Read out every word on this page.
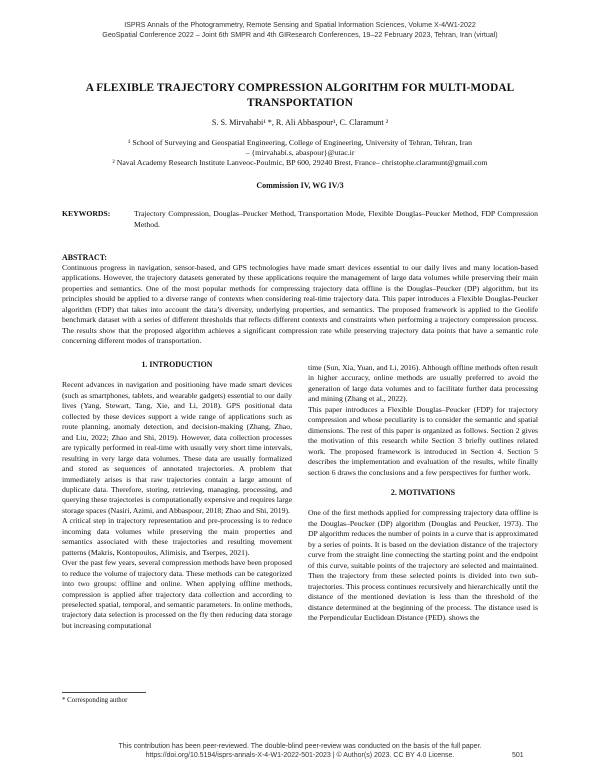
ISPRS Annals of the Photogrammetry, Remote Sensing and Spatial Information Sciences, Volume X-4/W1-2022
GeoSpatial Conference 2022 – Joint 6th SMPR and 4th GIResearch Conferences, 19–22 February 2023, Tehran, Iran (virtual)
A FLEXIBLE TRAJECTORY COMPRESSION ALGORITHM FOR MULTI-MODAL
TRANSPORTATION
S. S. Mirvahabi¹ *, R. Ali Abbaspour¹, C. Claramunt ²
¹ School of Surveying and Geospatial Engineering, College of Engineering, University of Tehran, Tehran, Iran
– {mirvahabi.s, abaspour}@utac.ir
² Naval Academy Research Institute Lanveoc-Poulmic, BP 600, 29240 Brest, France– christophe.claramunt@gmail.com
Commission IV, WG IV/3
KEYWORDS:	Trajectory Compression, Douglas–Peucker Method, Transportation Mode, Flexible Douglas–Peucker Method, FDP Compression Method.
ABSTRACT:
Continuous progress in navigation, sensor-based, and GPS technologies have made smart devices essential to our daily lives and many location-based applications. However, the trajectory datasets generated by these applications require the management of large data volumes while preserving their main properties and semantics. One of the most popular methods for compressing trajectory data offline is the Douglas–Peucker (DP) algorithm, but its principles should be applied to a diverse range of contexts when considering real-time trajectory data. This paper introduces a Flexible Douglas-Peucker algorithm (FDP) that takes into account the data’s diversity, underlying properties, and semantics. The proposed framework is applied to the Geolife benchmark dataset with a series of different thresholds that reflects different contexts and constraints when performing a trajectory compression process. The results show that the proposed algorithm achieves a significant compression rate while preserving trajectory data points that have a semantic role concerning different modes of transportation.
1. INTRODUCTION

Recent advances in navigation and positioning have made smart devices (such as smartphones, tablets, and wearable gadgets) essential to our daily lives (Yang, Stewart, Tang, Xie, and Li, 2018). GPS positional data collected by these devices support a wide range of applications such as route planning, anomaly detection, and decision-making (Zhang, Zhao, and Liu, 2022; Zhao and Shi, 2019). However, data collection processes are typically performed in real-time with usually very short time intervals, resulting in very large data volumes. These data are usually formalized and stored as sequences of annotated trajectories. A problem that immediately arises is that raw trajectories contain a large amount of duplicate data. Therefore, storing, retrieving, managing, processing, and querying these trajectories is computationally expensive and requires large storage spaces (Nasiri, Azimi, and Abbaspour, 2018; Zhao and Shi, 2019).

A critical step in trajectory representation and pre-processing is to reduce incoming data volumes while preserving the main properties and semantics associated with these trajectories and resulting movement patterns (Makris, Kontopoulos, Alimisis, and Tserpes, 2021).

Over the past few years, several compression methods have been proposed to reduce the volume of trajectory data. These methods can be categorized into two groups: offline and online. When applying offline methods, compression is applied after trajectory data collection and according to preselected spatial, temporal, and semantic parameters. In online methods, trajectory data selection is processed on the fly then reducing data storage but increasing computational

time (Sun, Xia, Yuan, and Li, 2016). Although offline methods often result in higher accuracy, online methods are usually preferred to avoid the generation of large data volumes and to facilitate further data processing and mining (Zhang et al., 2022).

This paper introduces a Flexible Douglas–Peucker (FDP) for trajectory compression and whose peculiarity is to consider the semantic and spatial dimensions. The rest of this paper is organized as follows. Section 2 gives the motivation of this research while Section 3 briefly outlines related work. The proposed framework is introduced in Section 4. Section 5 describes the implementation and evaluation of the results, while finally section 6 draws the conclusions and a few perspectives for further work.

2. MOTIVATIONS

One of the first methods applied for compressing trajectory data offline is the Douglas–Peucker (DP) algorithm (Douglas and Peucker, 1973). The DP algorithm reduces the number of points in a curve that is approximated by a series of points. It is based on the deviation distance of the trajectory curve from the straight line connecting the starting point and the endpoint of this curve, suitable points of the trajectory are selected and maintained. Then the trajectory from these selected points is divided into two sub-trajectories. This process continues recursively and hierarchically until the distance of the mentioned deviation is less than the threshold of the distance determined at the beginning of the process. The distance used is the Perpendicular Euclidean Distance (PED). shows the

* Corresponding author
This contribution has been peer-reviewed. The double-blind peer-review was conducted on the basis of the full paper.
https://doi.org/10.5194/isprs-annals-X-4-W1-2022-501-2023 | © Author(s) 2023. CC BY 4.0 License.	501
